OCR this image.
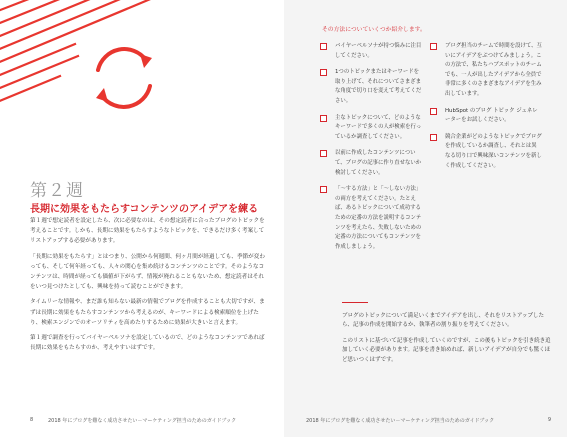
第２週
長期に効果をもたらすコンテンツのアイデアを練る

第１週で想定読者を設定したら、次に必要なのは、その想定読者に合ったブログのトピックを考えることです。しかも、長期に効果をもたらすようなトピックを、できるだけ多く考案してリストアップする必要があります。

「長期に効果をもたらす」とはつまり、公開から何週間、何ヶ月間が経過しても、季節が変わっても、そして何年経っても、人々の関心を集め続けるコンテンツのことです。そのようなコンテンツは、時間が経っても価値が下がらず、情報が廃れることもないため、想定読者はそれをいつ見つけたとしても、興味を持って読むことができます。

タイムリーな情報や、まだ誰も知らない最新の情報でブログを作成することも大切ですが、まずは長期に効果をもたらすコンテンツから考えるのが、キーワードによる検索順位を上げたり、検索エンジンでのオーソリティを高めたりするために効果が大きいと言えます。

第１週で調査を行ってバイヤーペルソナを設定しているので、どのようなコンテンツであれば長期に効果をもたらすのか、考えやすいはずです。

8	2018 年にブログを難なく成功させたい－マーケティング担当のためのガイドブック

その方法についていくつか紹介します。

バイヤーペルソナが持つ悩みに注目してください。
1つのトピックまたはキーワードを取り上げて、それについてさまざまな角度で切り口を変えて考えてください。
主なトピックについて、どのようなキーワードで多くの人が検索を行っているか調査してください。
以前に作成したコンテンツについて、ブログの記事に作り直せないか検討してください。
「〜する方法」と「〜しない方法」の両方を考えてください。たとえば、あるトピックについて成功するための定番の方法を説明するコンテンツを考えたら、失敗しないための定番の方法についてもコンテンツを作成しましょう。
ブログ担当のチームで時間を設けて、互いにアイデアをぶつけてみましょう。この方法で、私たちハブスポットのチームでも、一人が出したアイデアから全員で非常に多くのさまざまなアイデアを生み出しています。
HubSpot のブログ トピック ジェネレーターをお試しください。
競合企業がどのようなトピックでブログを作成しているか調査し、それとは異なる切り口で興味深いコンテンツを新しく作成してください。

ブログのトピックについて満足いくまでアイデアを出し、それをリストアップしたら、記事の作成を開始するか、執筆者の割り振りを考えてください。

このリストに基づいて記事を作成していくのですが、この後もトピックを引き続き追加していく必要があります。記事を書き始めれば、新しいアイデアが自分でも驚くほど思いつくはずです。

2018 年にブログを難なく成功させたい－マーケティング担当のためのガイドブック	9
